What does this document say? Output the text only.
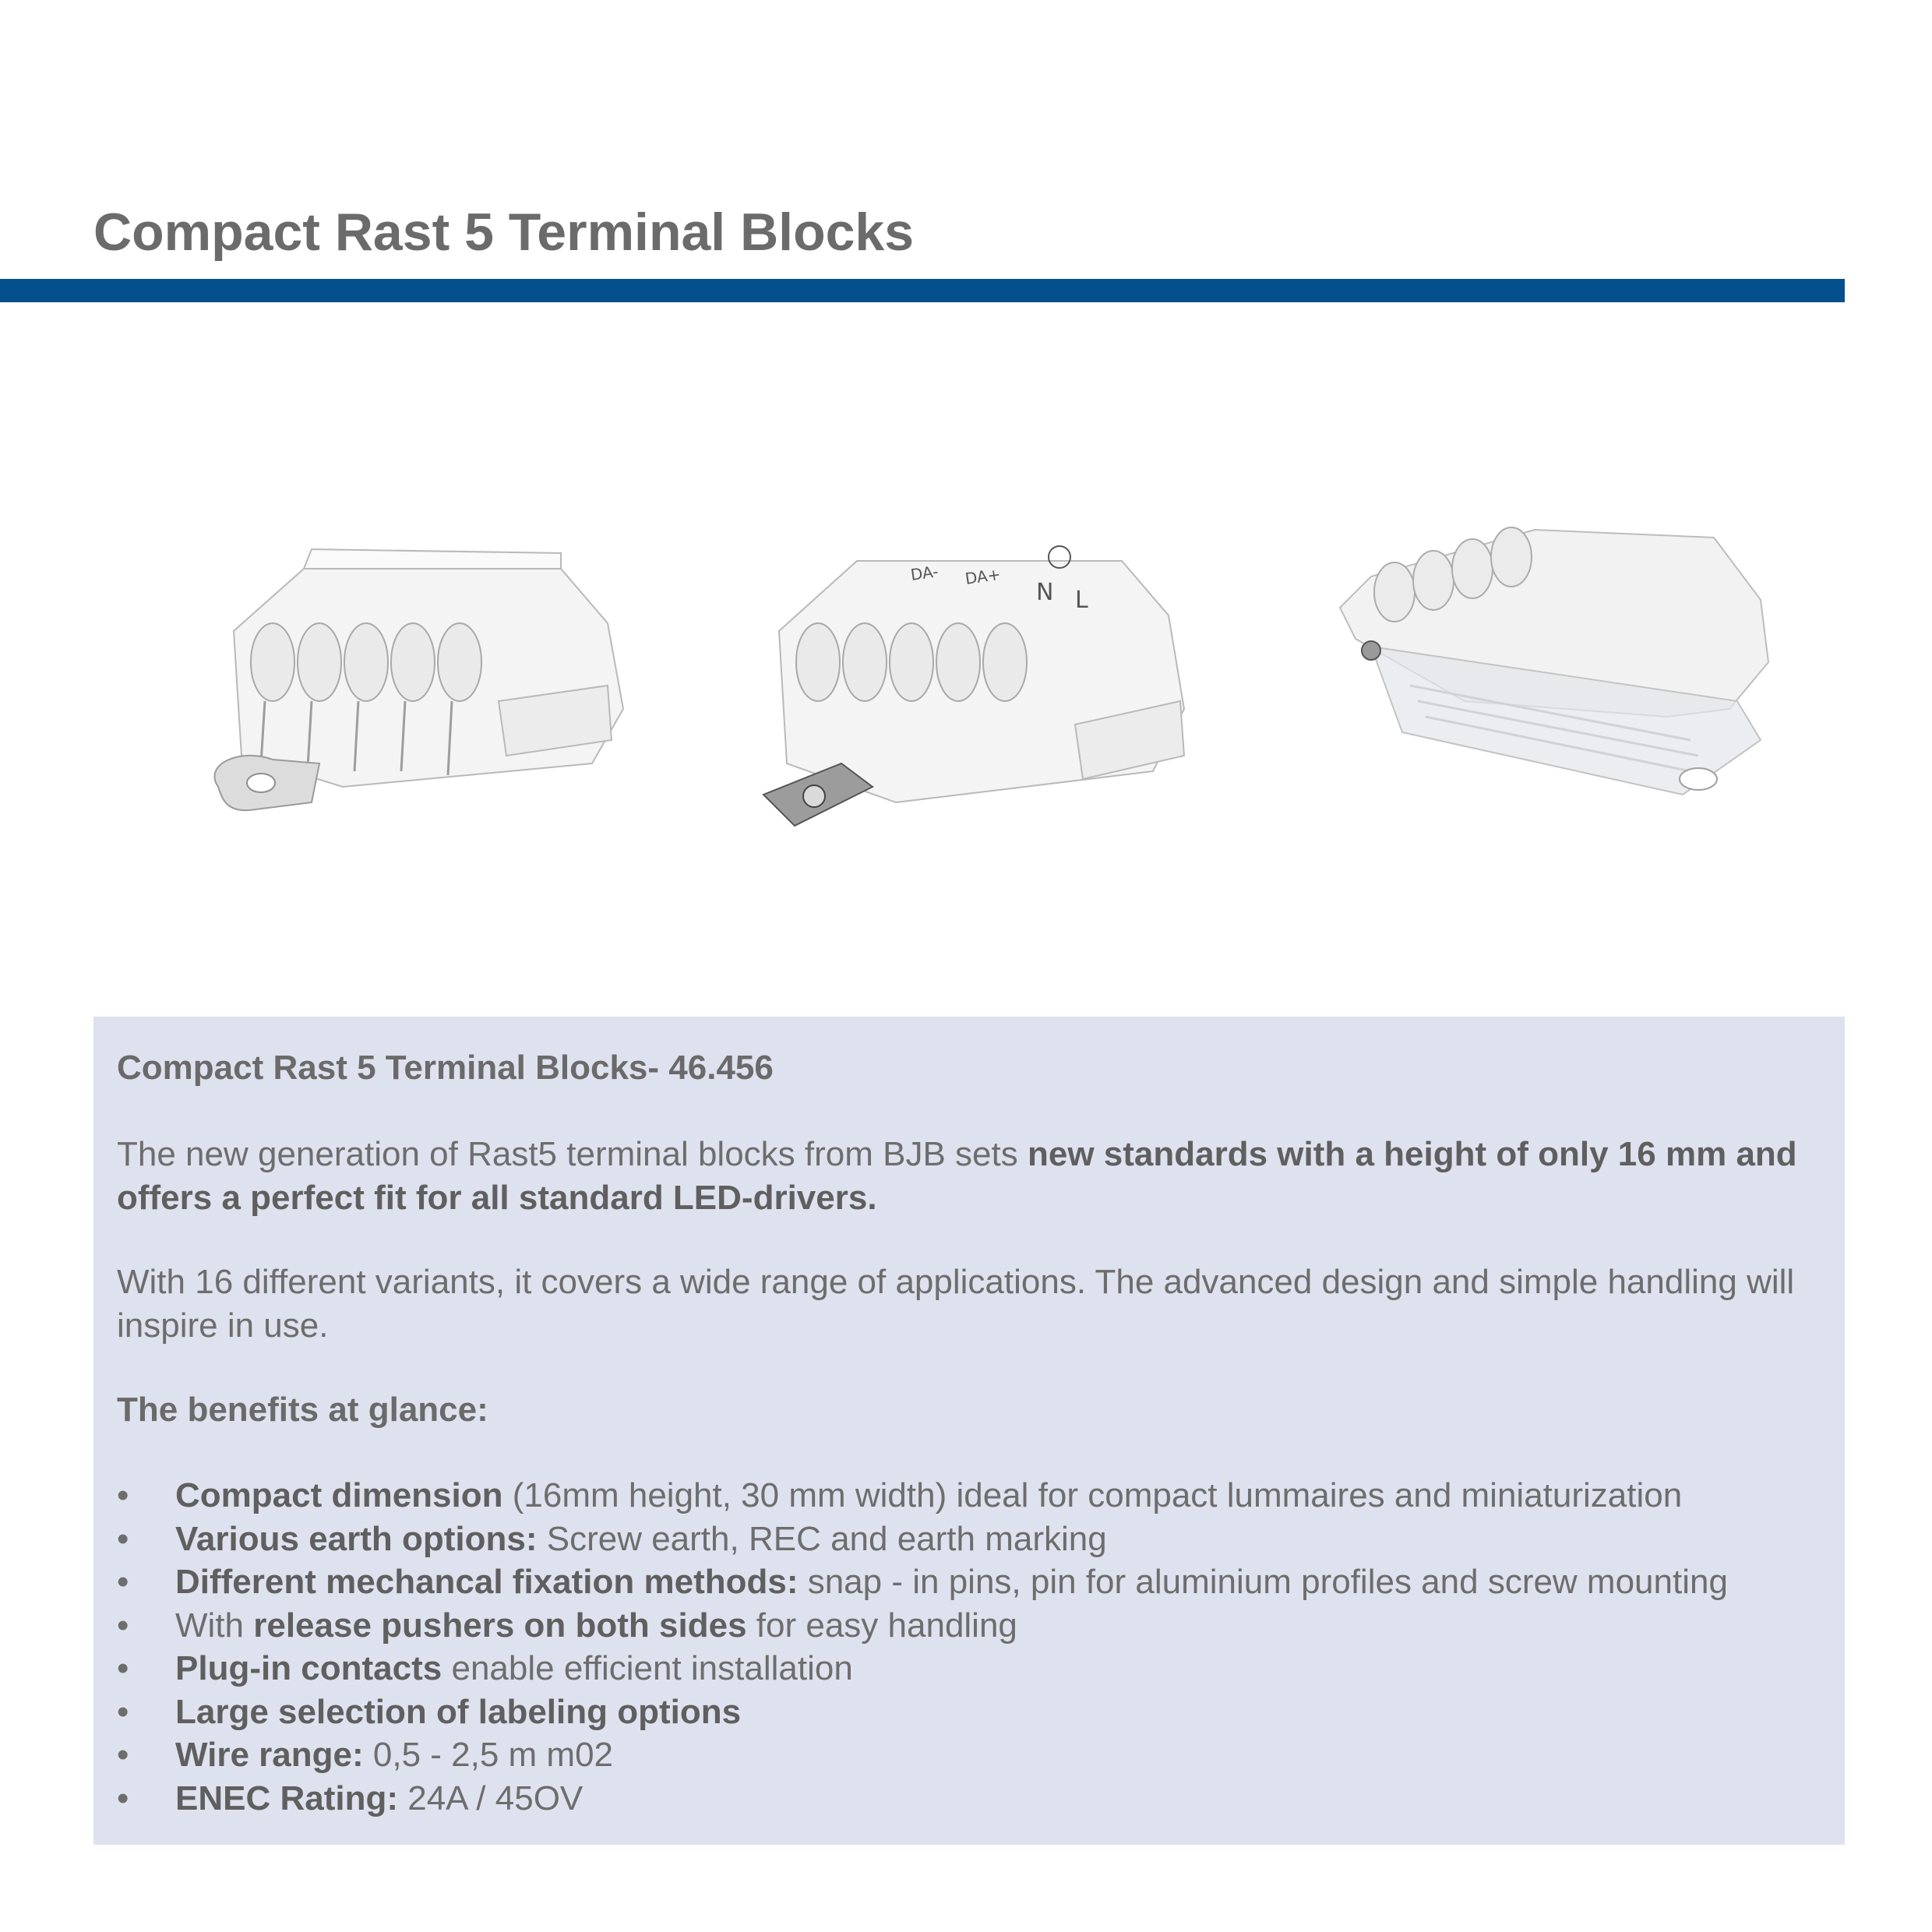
Compact Rast 5 Terminal Blocks
DA- DA+
N L

Compact Rast 5 Terminal Blocks- 46.456

The new generation of Rast5 terminal blocks from BJB sets new standards with a height of only 16 mm and offers a perfect fit for all standard LED-drivers.

With 16 different variants, it covers a wide range of applications. The advanced design and simple handling will inspire in use.

The benefits at glance:

• Compact dimension (16mm height, 30 mm width) ideal for compact lummaires and miniaturization
• Various earth options: Screw earth, REC and earth marking
• Different mechancal fixation methods: snap - in pins, pin for aluminium profiles and screw mounting
• With release pushers on both sides for easy handling
• Plug-in contacts enable efficient installation
• Large selection of labeling options
• Wire range: 0,5 - 2,5 m m02
• ENEC Rating: 24A / 45OV
